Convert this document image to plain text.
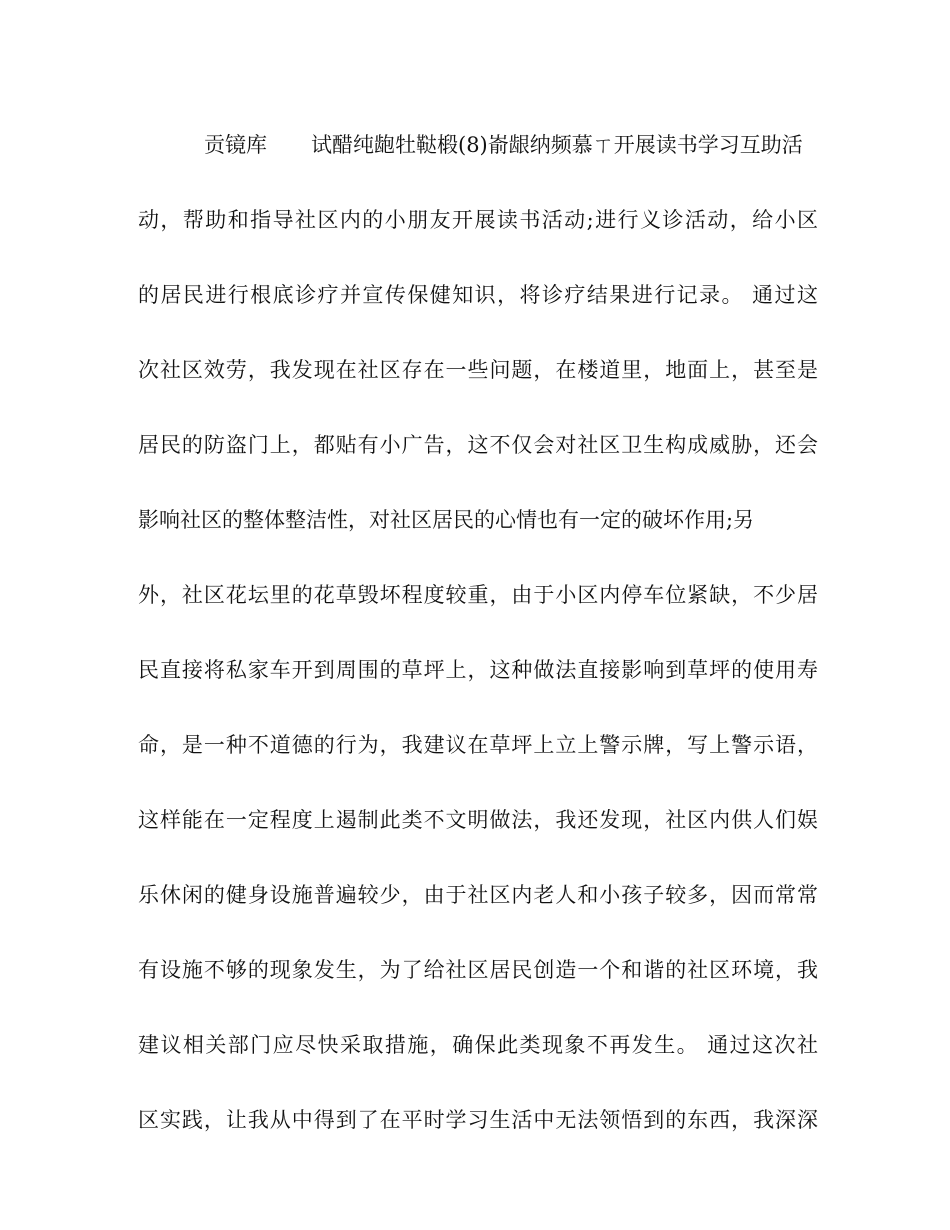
贡镜库 试醋纯龅牡鞑椴(8)嵛龈纳频慕ㄒ开展读书学习互助活
动，帮助和指导社区内的小朋友开展读书活动;进行义诊活动，给小区
的居民进行根底诊疗并宣传保健知识，将诊疗结果进行记录。 通过这
次社区效劳，我发现在社区存在一些问题，在楼道里，地面上，甚至是
居民的防盗门上，都贴有小广告，这不仅会对社区卫生构成威胁，还会
影响社区的整体整洁性，对社区居民的心情也有一定的破坏作用;另
外，社区花坛里的花草毁坏程度较重，由于小区内停车位紧缺，不少居
民直接将私家车开到周围的草坪上，这种做法直接影响到草坪的使用寿
命，是一种不道德的行为，我建议在草坪上立上警示牌，写上警示语，
这样能在一定程度上遏制此类不文明做法，我还发现，社区内供人们娱
乐休闲的健身设施普遍较少，由于社区内老人和小孩子较多，因而常常
有设施不够的现象发生，为了给社区居民创造一个和谐的社区环境，我
建议相关部门应尽快采取措施，确保此类现象不再发生。 通过这次社
区实践，让我从中得到了在平时学习生活中无法领悟到的东西，我深深
